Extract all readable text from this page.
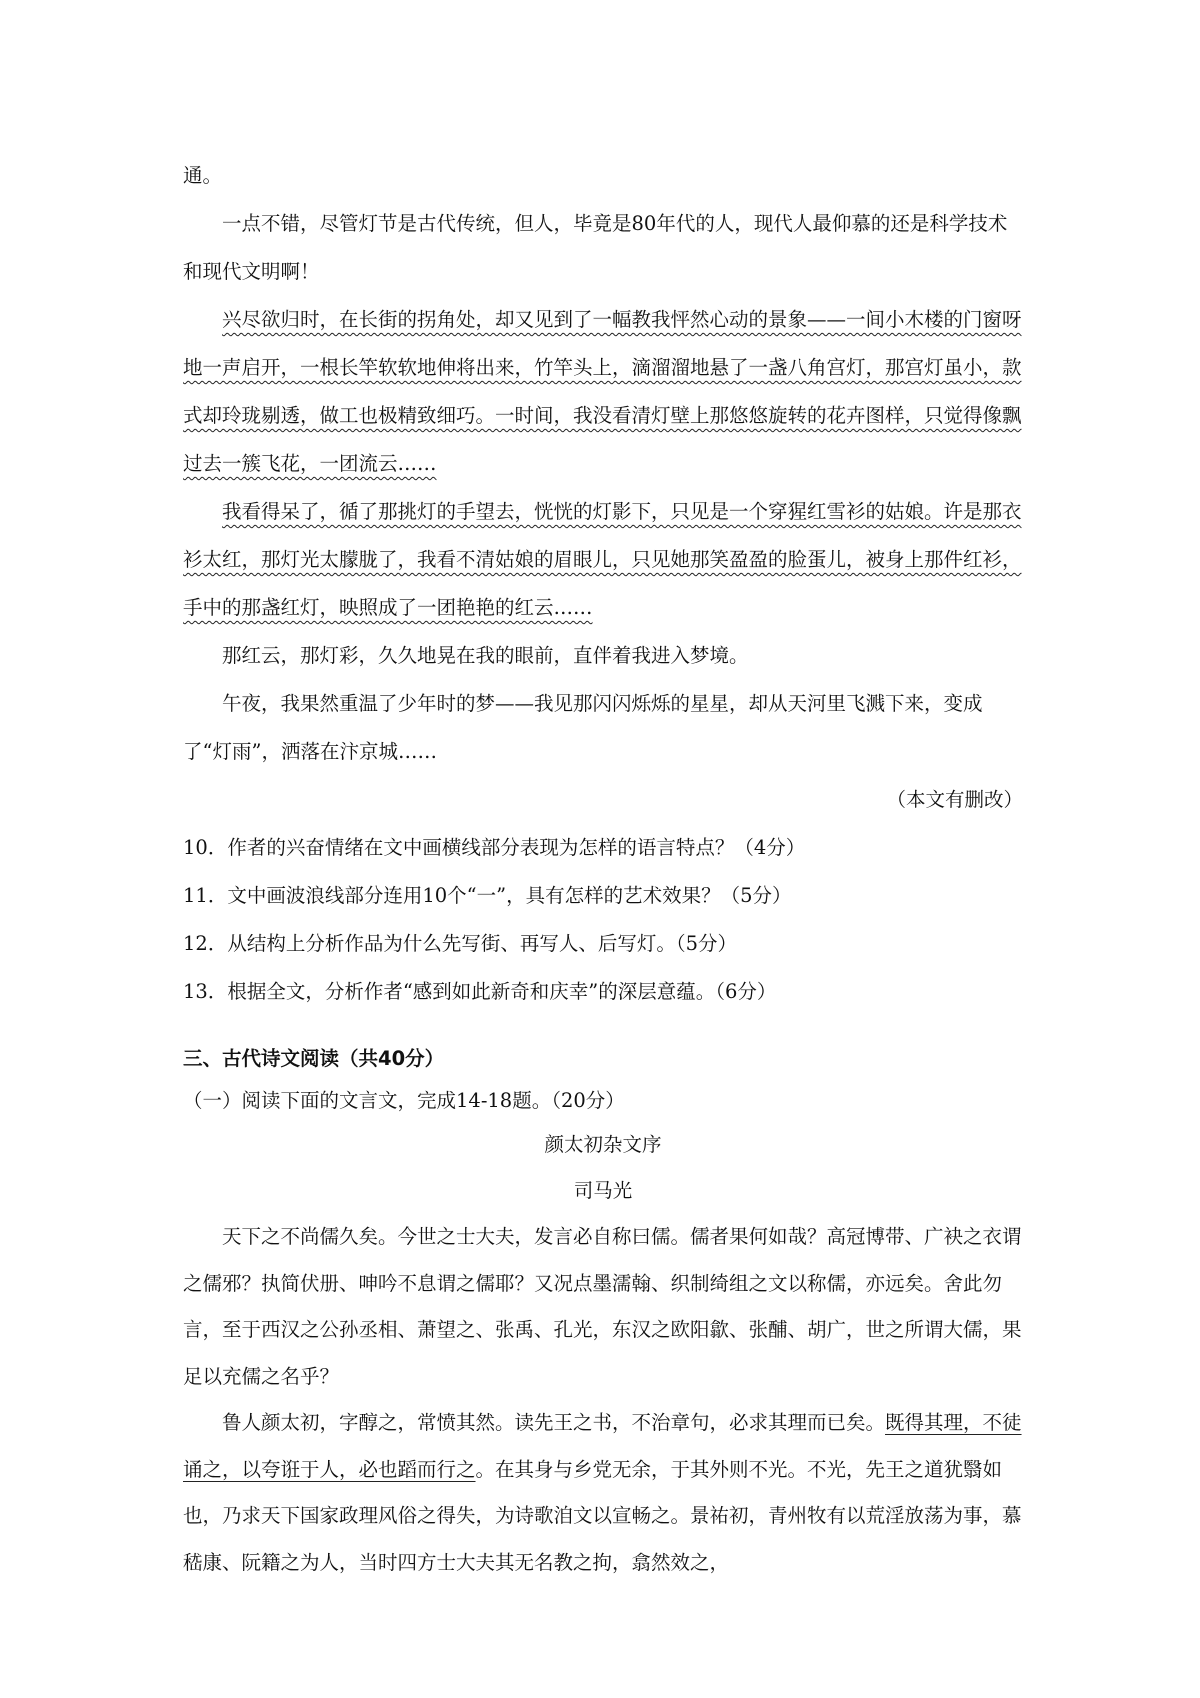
通。

一点不错，尽管灯节是古代传统，但人，毕竟是80年代的人，现代人最仰慕的还是科学技术和现代文明啊！

兴尽欲归时，在长街的拐角处，却又见到了一幅教我怦然心动的景象——一间小木楼的门窗呀地一声启开，一根长竿软软地伸将出来，竹竿头上，滴溜溜地悬了一盏八角宫灯，那宫灯虽小，款式却玲珑剔透，做工也极精致细巧。一时间，我没看清灯壁上那悠悠旋转的花卉图样，只觉得像飘过去一簇飞花，一团流云……

我看得呆了，循了那挑灯的手望去，恍恍的灯影下，只见是一个穿猩红雪衫的姑娘。许是那衣衫太红，那灯光太朦胧了，我看不清姑娘的眉眼儿，只见她那笑盈盈的脸蛋儿，被身上那件红衫，手中的那盏红灯，映照成了一团艳艳的红云……

那红云，那灯彩，久久地晃在我的眼前，直伴着我进入梦境。

午夜，我果然重温了少年时的梦——我见那闪闪烁烁的星星，却从天河里飞溅下来，变成了“灯雨”，洒落在汴京城……

（本文有删改）

10．作者的兴奋情绪在文中画横线部分表现为怎样的语言特点？（4分）

11．文中画波浪线部分连用10个“一”，具有怎样的艺术效果？（5分）

12．从结构上分析作品为什么先写街、再写人、后写灯。（5分）

13．根据全文，分析作者“感到如此新奇和庆幸”的深层意蕴。（6分）

三、古代诗文阅读（共40分）

（一）阅读下面的文言文，完成14-18题。（20分）

颜太初杂文序

司马光

天下之不尚儒久矣。今世之士大夫，发言必自称曰儒。儒者果何如哉？高冠博带、广袂之衣谓之儒邪？执简伏册、呻吟不息谓之儒耶？又况点墨濡翰、织制绮组之文以称儒，亦远矣。舍此勿言，至于西汉之公孙丞相、萧望之、张禹、孔光，东汉之欧阳歙、张酺、胡广，世之所谓大儒，果足以充儒之名乎？

鲁人颜太初，字醇之，常愤其然。读先王之书，不治章句，必求其理而已矣。既得其理，不徒诵之，以夸诳于人，必也蹈而行之。在其身与乡党无余，于其外则不光。不光，先王之道犹翳如也，乃求天下国家政理风俗之得失，为诗歌洎文以宣畅之。景祐初，青州牧有以荒淫放荡为事，慕嵇康、阮籍之为人，当时四方士大夫其无名教之拘，翕然效之，
